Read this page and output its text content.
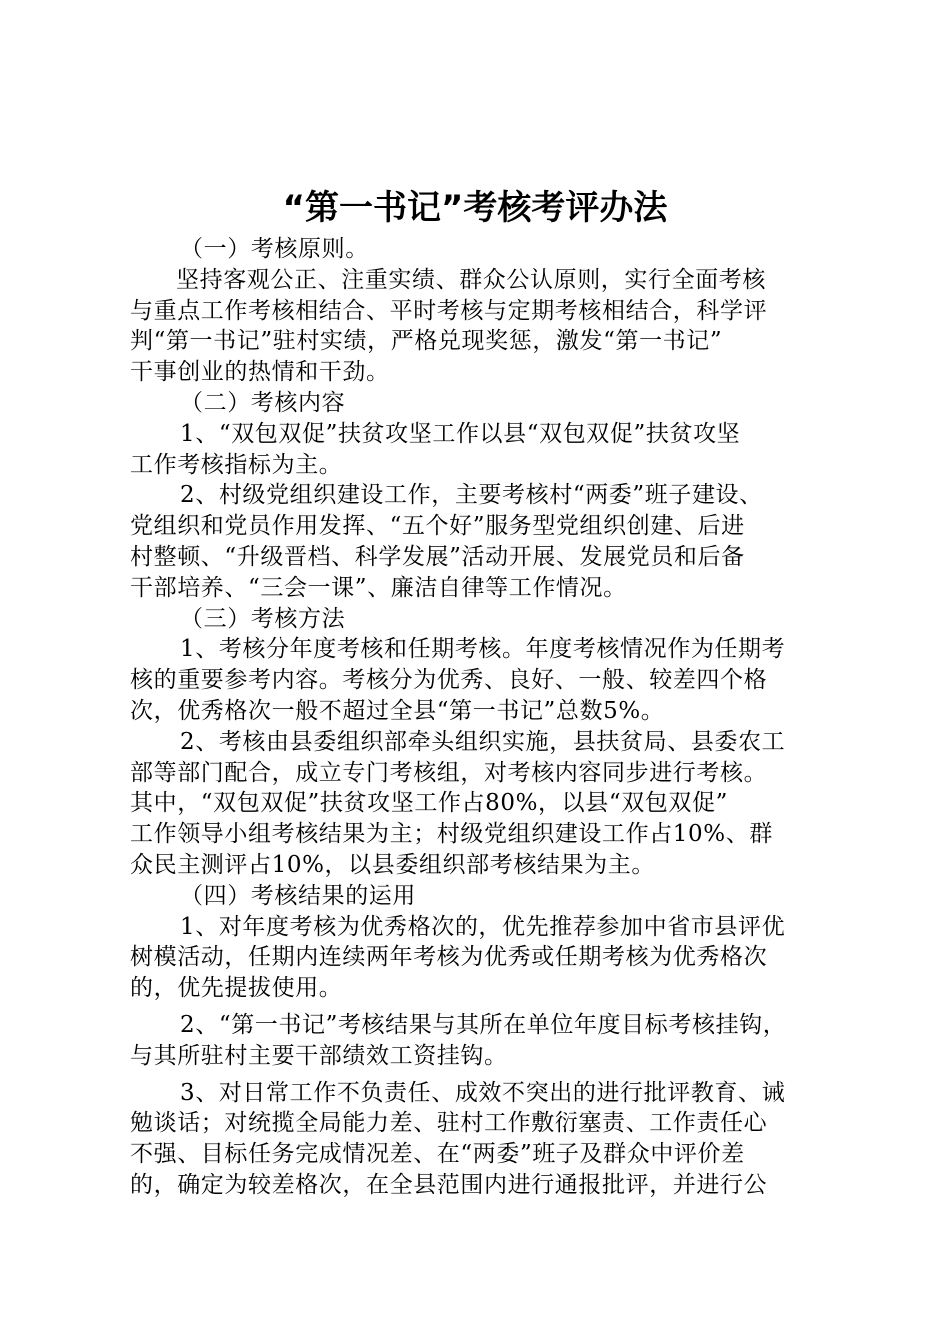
“第一书记”考核考评办法
（一）考核原则。
坚持客观公正、注重实绩、群众公认原则，实行全面考核
与重点工作考核相结合、平时考核与定期考核相结合，科学评
判“第一书记”驻村实绩，严格兑现奖惩，激发“第一书记”
干事创业的热情和干劲。
（二）考核内容
1、“双包双促”扶贫攻坚工作以县“双包双促”扶贫攻坚
工作考核指标为主。
2、村级党组织建设工作，主要考核村“两委”班子建设、
党组织和党员作用发挥、“五个好”服务型党组织创建、后进
村整顿、“升级晋档、科学发展”活动开展、发展党员和后备
干部培养、“三会一课”、廉洁自律等工作情况。
（三）考核方法
1、考核分年度考核和任期考核。年度考核情况作为任期考
核的重要参考内容。考核分为优秀、良好、一般、较差四个格
次，优秀格次一般不超过全县“第一书记”总数5%。
2、考核由县委组织部牵头组织实施，县扶贫局、县委农工
部等部门配合，成立专门考核组，对考核内容同步进行考核。
其中，“双包双促”扶贫攻坚工作占80%，以县“双包双促”
工作领导小组考核结果为主；村级党组织建设工作占10%、群
众民主测评占10%，以县委组织部考核结果为主。
（四）考核结果的运用
1、对年度考核为优秀格次的，优先推荐参加中省市县评优
树模活动，任期内连续两年考核为优秀或任期考核为优秀格次
的，优先提拔使用。
2、“第一书记”考核结果与其所在单位年度目标考核挂钩，
与其所驻村主要干部绩效工资挂钩。
3、对日常工作不负责任、成效不突出的进行批评教育、诫
勉谈话；对统揽全局能力差、驻村工作敷衍塞责、工作责任心
不强、目标任务完成情况差、在“两委”班子及群众中评价差
的，确定为较差格次，在全县范围内进行通报批评，并进行公
